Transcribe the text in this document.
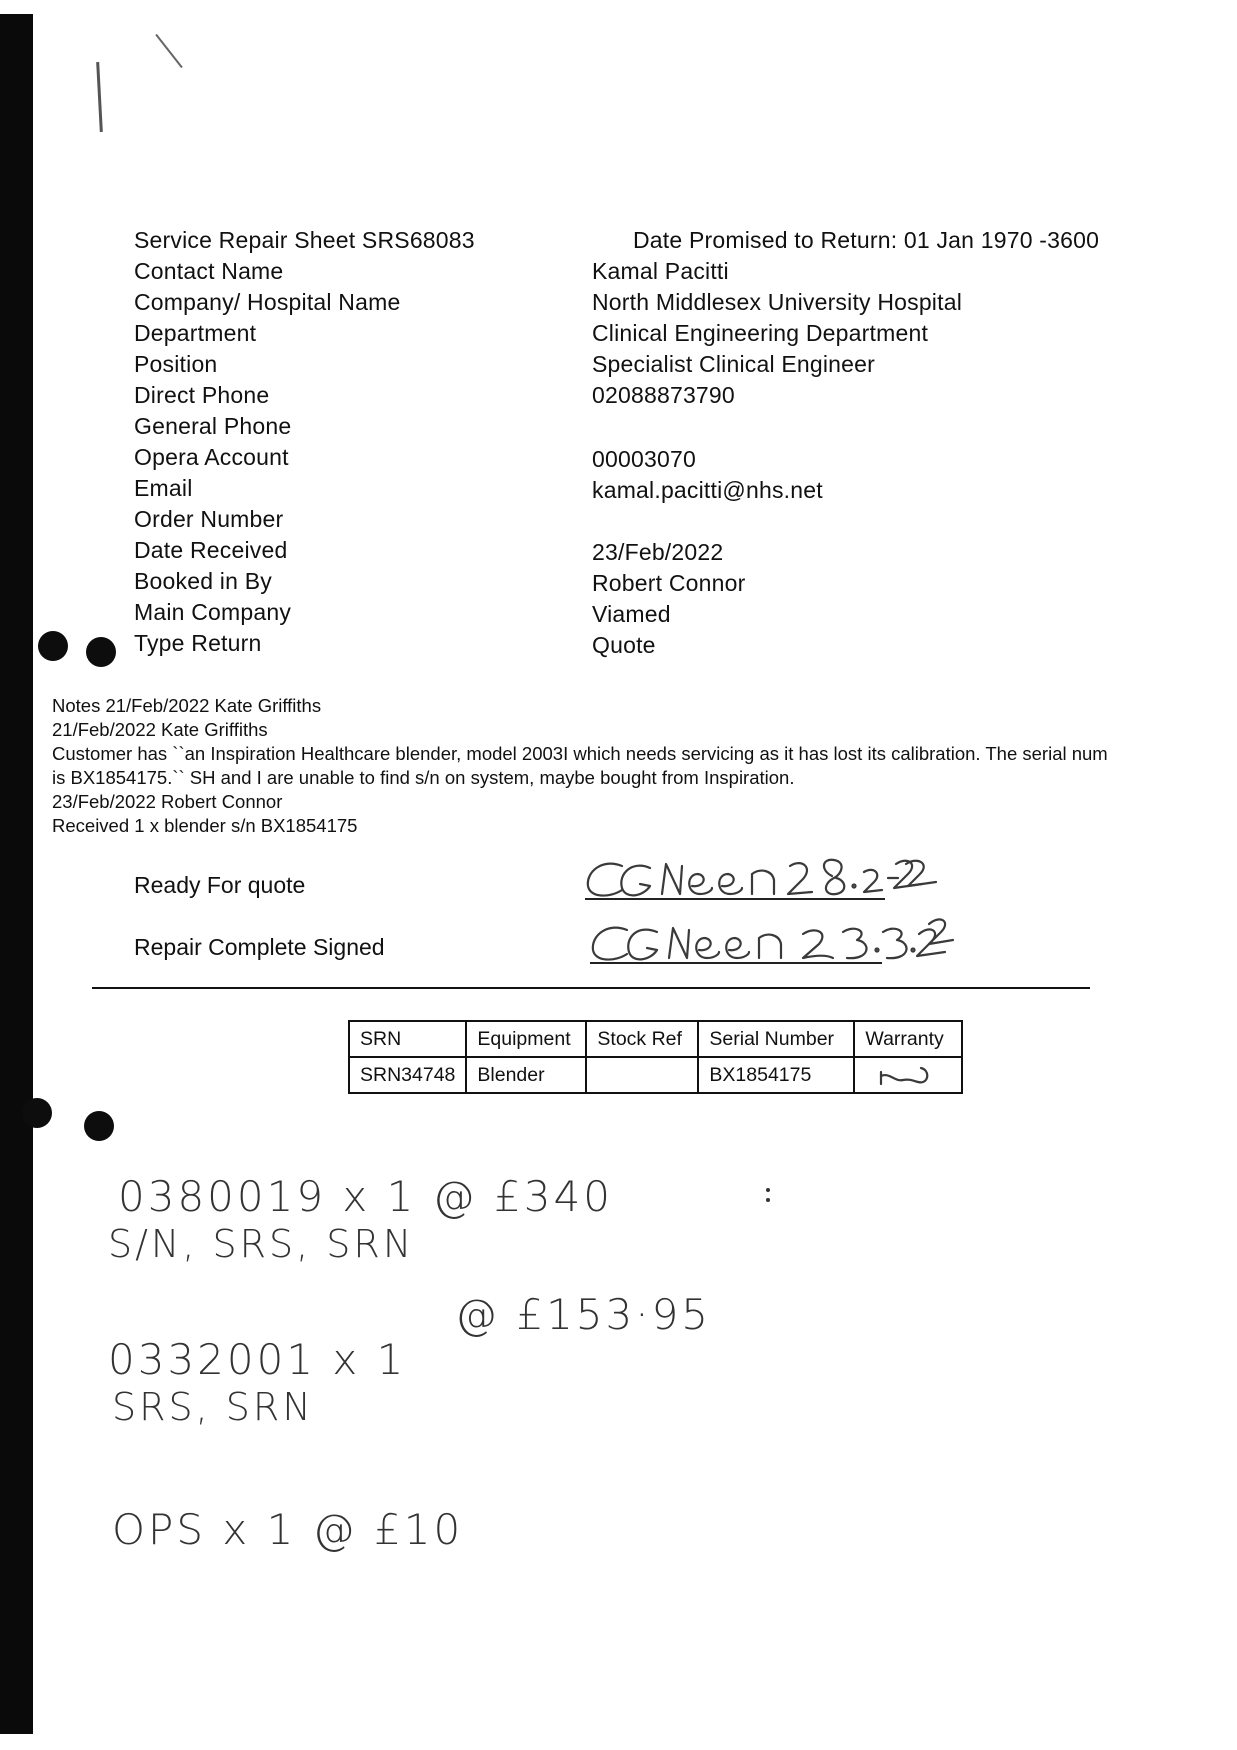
Service Repair Sheet SRS68083	Date Promised to Return: 01 Jan 1970 -3600
Contact Name	Kamal Pacitti
Company/ Hospital Name	North Middlesex University Hospital
Department	Clinical Engineering Department
Position	Specialist Clinical Engineer
Direct Phone	02088873790
General Phone
Opera Account	00003070
Email	kamal.pacitti@nhs.net
Order Number
Date Received	23/Feb/2022
Booked in By	Robert Connor
Main Company	Viamed
Type Return	Quote
Notes 21/Feb/2022 Kate Griffiths
21/Feb/2022 Kate Griffiths
Customer has ``an Inspiration Healthcare blender, model 2003I which needs servicing as it has lost its calibration. The serial num
is BX1854175.`` SH and I are unable to find s/n on system, maybe bought from Inspiration.
23/Feb/2022 Robert Connor
Received 1 x blender s/n BX1854175
Ready For quote
Repair Complete Signed
SRN	Equipment	Stock Ref	Serial Number	Warranty
SRN34748	Blender		BX1854175	
0380019 x 1 @ £340
S/N, SRS, SRN
@ £153·95
0332001 x 1
SRS, SRN
OPS x 1 @ £10
